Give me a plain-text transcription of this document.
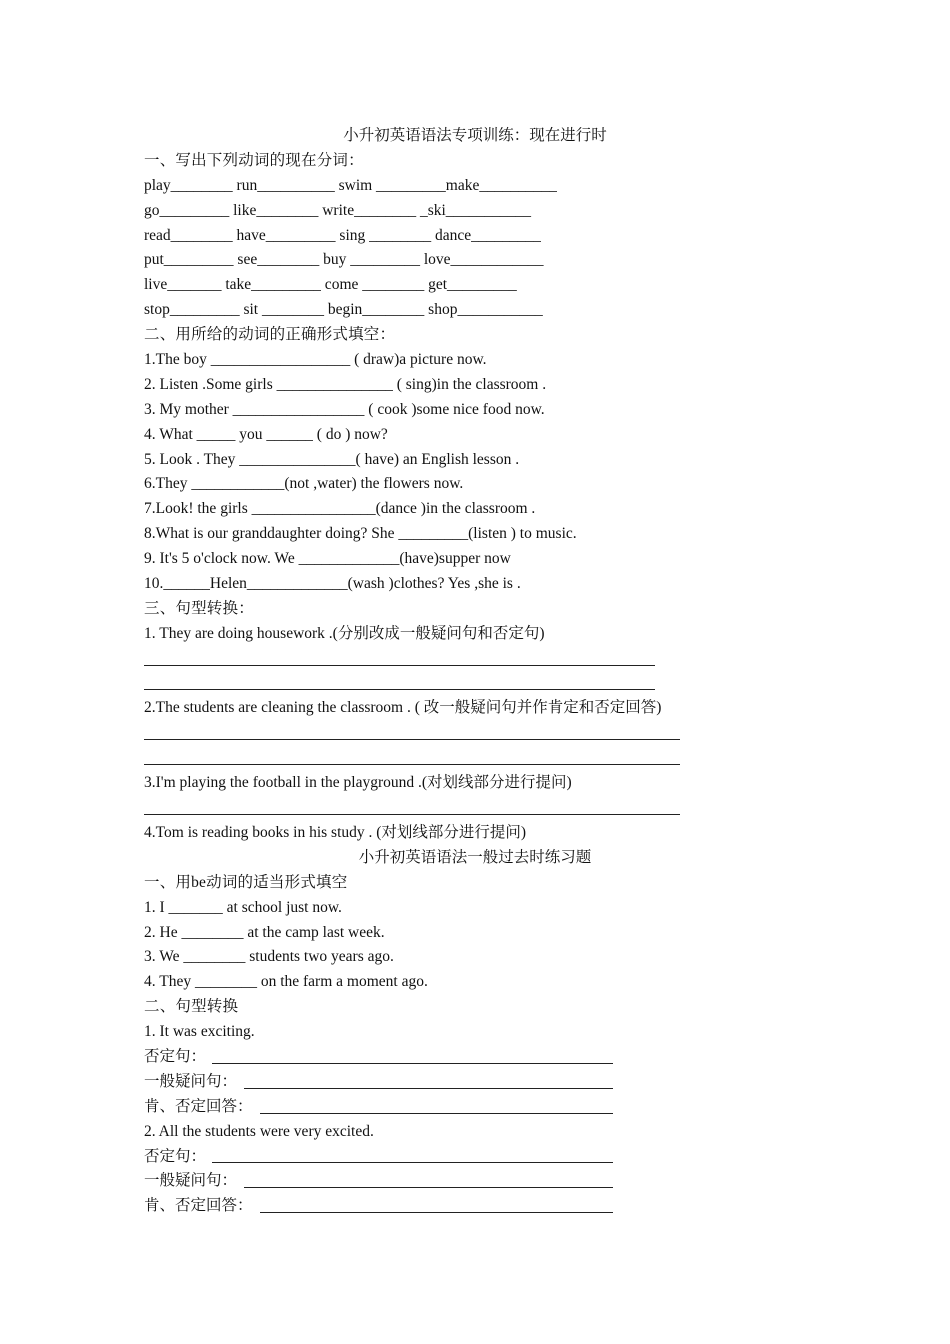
小升初英语语法专项训练：现在进行时
一、写出下列动词的现在分词：
play________ run__________ swim _________make__________
go_________ like________ write________ _ski___________
read________ have_________ sing ________ dance_________
put_________ see________ buy _________ love____________
live_______ take_________ come ________ get_________
stop_________ sit ________ begin________ shop___________
二、用所给的动词的正确形式填空：
1.The boy __________________ ( draw)a picture now.
2. Listen .Some girls _______________ ( sing)in the classroom .
3. My mother _________________ ( cook )some nice food now.
4. What _____ you ______ ( do ) now?
5. Look . They _______________( have) an English lesson .
6.They ____________(not ,water) the flowers now.
7.Look! the girls ________________(dance )in the classroom .
8.What is our granddaughter doing? She _________(listen ) to music.
9. It's 5 o'clock now. We _____________(have)supper now
10.______Helen_____________(wash )clothes? Yes ,she is .
三、句型转换：
1. They are doing housework .(分别改成一般疑问句和否定句)
2.The students are cleaning the classroom . ( 改一般疑问句并作肯定和否定回答)
3.I'm playing the football in the playground .(对划线部分进行提问)
4.Tom is reading books in his study . (对划线部分进行提问)
小升初英语语法一般过去时练习题
一、用be动词的适当形式填空
1. I _______ at school just now.
2. He ________ at the camp last week.
3. We ________ students two years ago.
4. They ________ on the farm a moment ago.
二、句型转换
1. It was exciting.
否定句：
一般疑问句：
肯、否定回答：
2. All the students were very excited.
否定句：
一般疑问句：
肯、否定回答：
